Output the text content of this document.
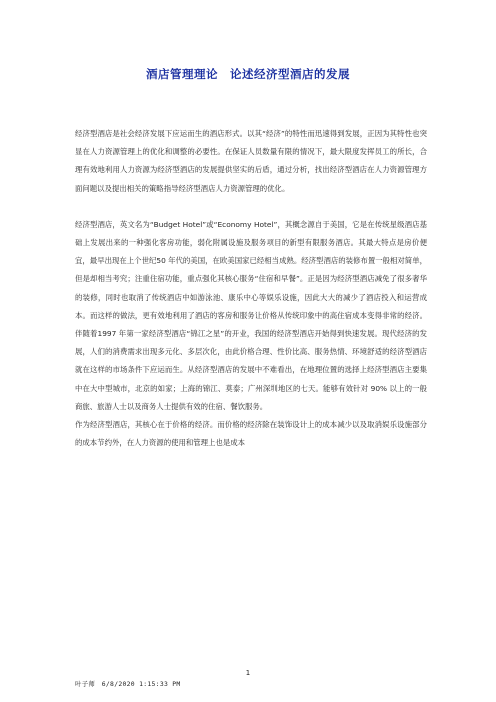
酒店管理理论　论述经济型酒店的发展

经济型酒店是社会经济发展下应运而生的酒店形式。以其“经济”的特性而迅速得到发展，正因为其特性也突显在人力资源管理上的优化和调整的必要性。在保证人员数量有限的情况下，最大限度发挥员工的所长，合理有效地利用人力资源为经济型酒店的发展提供坚实的后盾，通过分析，找出经济型酒店在人力资源管理方面问题以及提出相关的策略指导经济型酒店人力资源管理的优化。

经济型酒店，英文名为“Budget Hotel”或“Economy Hotel”，其概念源自于美国，它是在传统星级酒店基础上发展出来的一种强化客房功能，弱化附属设施及服务项目的新型有限服务酒店。其最大特点是房价便宜，最早出现在上个世纪50 年代的美国，在欧美国家已经相当成熟。经济型酒店的装修布置一般相对简单，但是却相当考究；注重住宿功能，重点强化其核心服务“住宿和早餐”。正是因为经济型酒店减免了很多奢华的装修，同时也取消了传统酒店中如游泳池、康乐中心等娱乐设施，因此大大的减少了酒店投入和运营成本。而这样的做法，更有效地利用了酒店的客房和服务让价格从传统印象中的高住宿成本变得非常的经济。伴随着1997 年第一家经济型酒店“锦江之星”的开业，我国的经济型酒店开始得到快速发展。现代经济的发展，人们的消费需求出现多元化、多层次化，由此价格合理、性价比高、服务热情、环境舒适的经济型酒店就在这样的市场条件下应运而生。从经济型酒店的发展中不难看出，在地理位置的选择上经济型酒店主要集中在大中型城市，北京的如家；上海的锦江、莫泰；广州深圳地区的七天。能够有效针对 90% 以上的一般商旅、旅游人士以及商务人士提供有效的住宿、餐饮服务。

作为经济型酒店，其核心在于价格的经济。而价格的经济除在装饰设计上的成本减少以及取消娱乐设施部分的成本节约外，在人力资源的使用和管理上也是成本

1
叶子师　6/8/2020 1:15:33 PM
